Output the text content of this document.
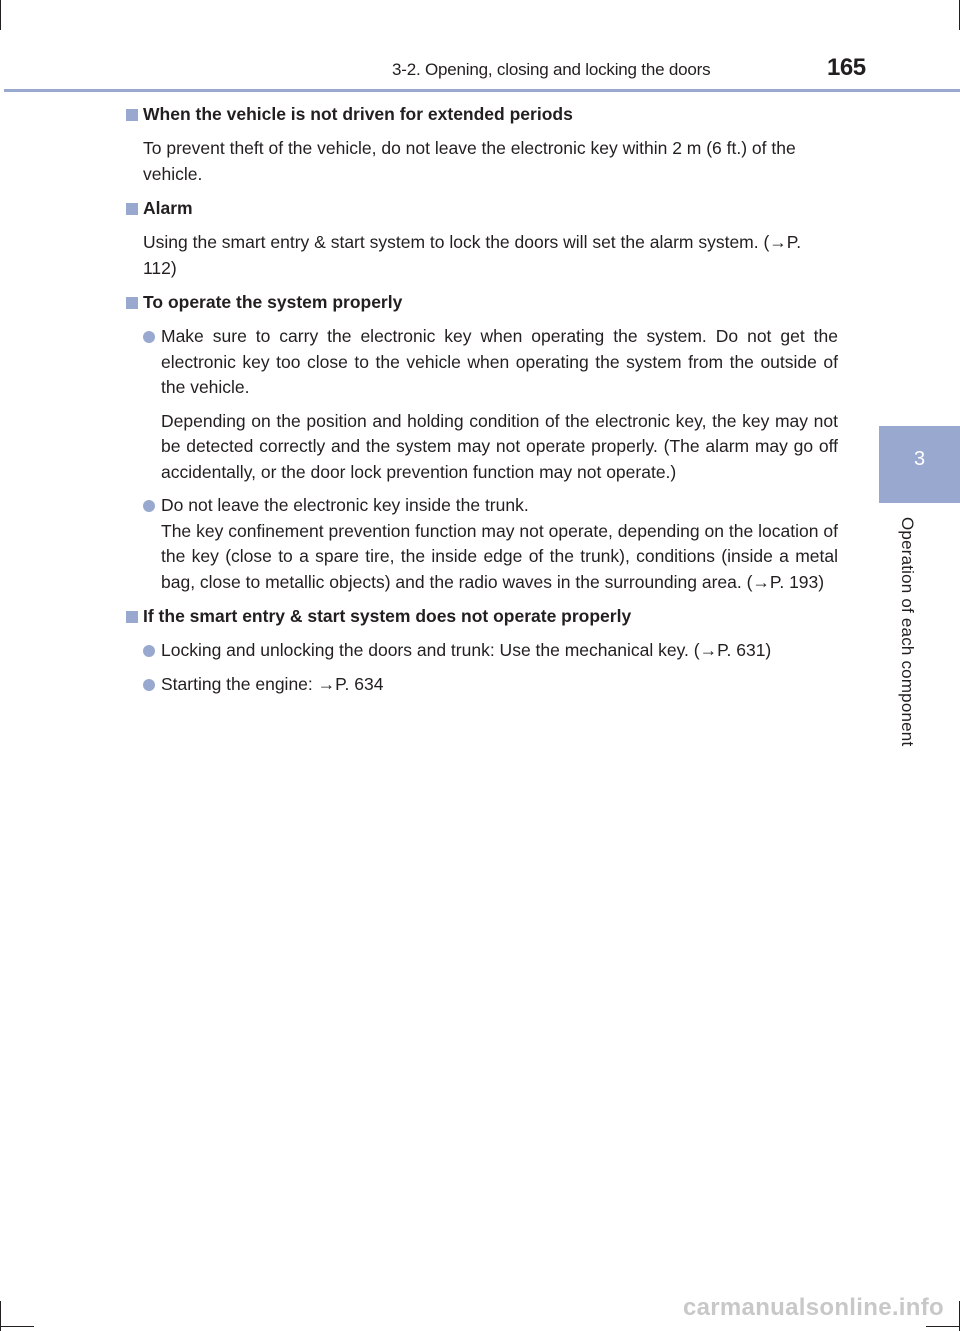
3-2. Opening, closing and locking the doors	165
3
Operation of each component
When the vehicle is not driven for extended periods
To prevent theft of the vehicle, do not leave the electronic key within 2 m (6 ft.) of the vehicle.
Alarm
Using the smart entry & start system to lock the doors will set the alarm system. (→P. 112)
To operate the system properly

Make sure to carry the electronic key when operating the system. Do not get the electronic key too close to the vehicle when operating the system from the outside of the vehicle.

Depending on the position and holding condition of the electronic key, the key may not be detected correctly and the system may not operate properly. (The alarm may go off accidentally, or the door lock prevention function may not operate.)

Do not leave the electronic key inside the trunk.

The key confinement prevention function may not operate, depending on the location of the key (close to a spare tire, the inside edge of the trunk), conditions (inside a metal bag, close to metallic objects) and the radio waves in the surrounding area. (→P. 193)

If the smart entry & start system does not operate properly

Locking and unlocking the doors and trunk: Use the mechanical key. (→P. 631)

Starting the engine: →P. 634

carmanualsonline.info
